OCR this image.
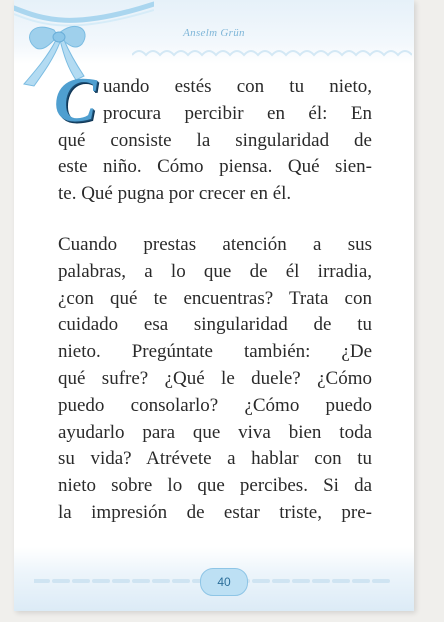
Anselm Grün
C uando estés con tu nieto,
procura percibir en él: En
qué consiste la singularidad de
este niño. Cómo piensa. Qué sien-
te. Qué pugna por crecer en él.
Cuando prestas atención a sus
palabras, a lo que de él irradia,
¿con qué te encuentras? Trata con
cuidado esa singularidad de tu
nieto. Pregúntate también: ¿De
qué sufre? ¿Qué le duele? ¿Cómo
puedo consolarlo? ¿Cómo puedo
ayudarlo para que viva bien toda
su vida? Atrévete a hablar con tu
nieto sobre lo que percibes. Si da
la impresión de estar triste, pre-
40
